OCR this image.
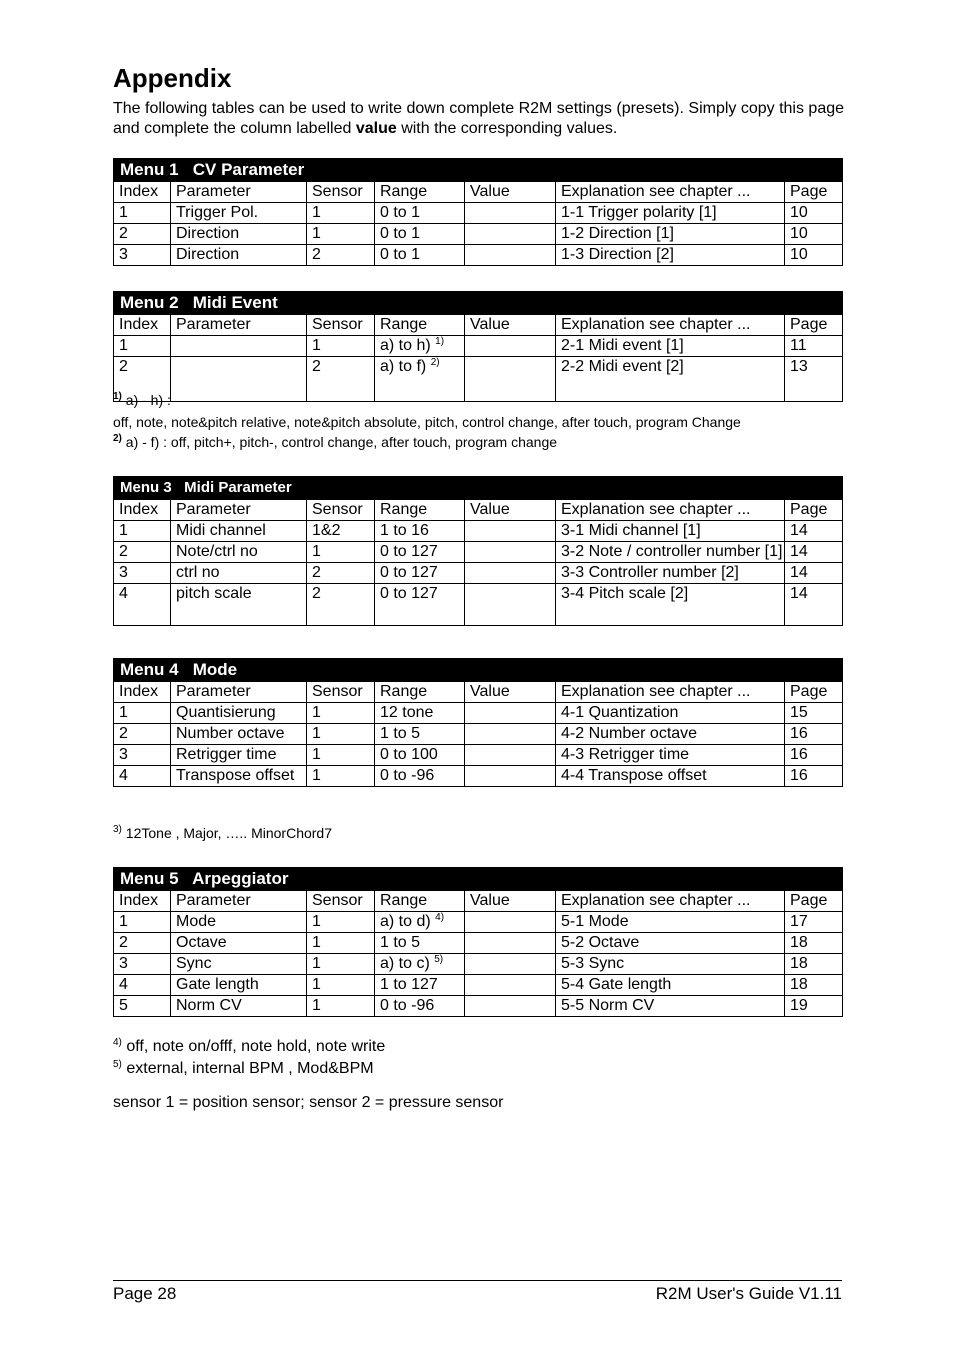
Appendix

The following tables can be used to write down complete R2M settings (presets). Simply copy this page and complete the column labelled value with the corresponding values.

Menu 1   CV Parameter						
Index	Parameter	Sensor	Range	Value	Explanation see chapter ...	Page
1	Trigger Pol.	1	0 to 1		1-1 Trigger polarity [1]	10
2	Direction	1	0 to 1		1-2 Direction [1]	10
3	Direction	2	0 to 1		1-3 Direction [2]	10
Menu 2   Midi Event						
Index	Parameter	Sensor	Range	Value	Explanation see chapter ...	Page
1		1	a) to h) $^{1)}$		2-1 Midi event [1]	11
2		2	a) to f) $^{2)}$		2-2 Midi event [2]	13
$^{1)}$ a) - h) :
off, note, note&pitch relative, note&pitch absolute, pitch, control change, after touch, program Change
$^{2)}$ a) - f) : off, pitch+, pitch-, control change, after touch, program change
Menu 3   Midi Parameter						
Index	Parameter	Sensor	Range	Value	Explanation see chapter ...	Page
1	Midi channel	1&2	1 to 16		3-1 Midi channel [1]	14
2	Note/ctrl no	1	0 to 127		3-2 Note / controller number [1]	14
3	ctrl no	2	0 to 127		3-3 Controller number [2]	14
4	pitch scale	2	0 to 127		3-4 Pitch scale [2]	14
Menu 4   Mode						
Index	Parameter	Sensor	Range	Value	Explanation see chapter ...	Page
1	Quantisierung	1	12 tone		4-1 Quantization	15
2	Number octave	1	1 to 5		4-2 Number octave	16
3	Retrigger time	1	0 to 100		4-3 Retrigger time	16
4	Transpose offset	1	0 to -96		4-4 Transpose offset	16
$^{3)}$ 12Tone , Major, ….. MinorChord7
Menu 5   Arpeggiator						
Index	Parameter	Sensor	Range	Value	Explanation see chapter ...	Page
1	Mode	1	a) to d) $^{4)}$		5-1 Mode	17
2	Octave	1	1 to 5		5-2 Octave	18
3	Sync	1	a) to c) $^{5)}$		5-3 Sync	18
4	Gate length	1	1 to 127		5-4 Gate length	18
5	Norm CV	1	0 to -96		5-5 Norm CV	19
$^{4)}$ off, note on/offf, note hold, note write
$^{5)}$ external, internal BPM , Mod&BPM
sensor 1 = position sensor; sensor 2 = pressure sensor
Page 28	R2M User's Guide V1.11
